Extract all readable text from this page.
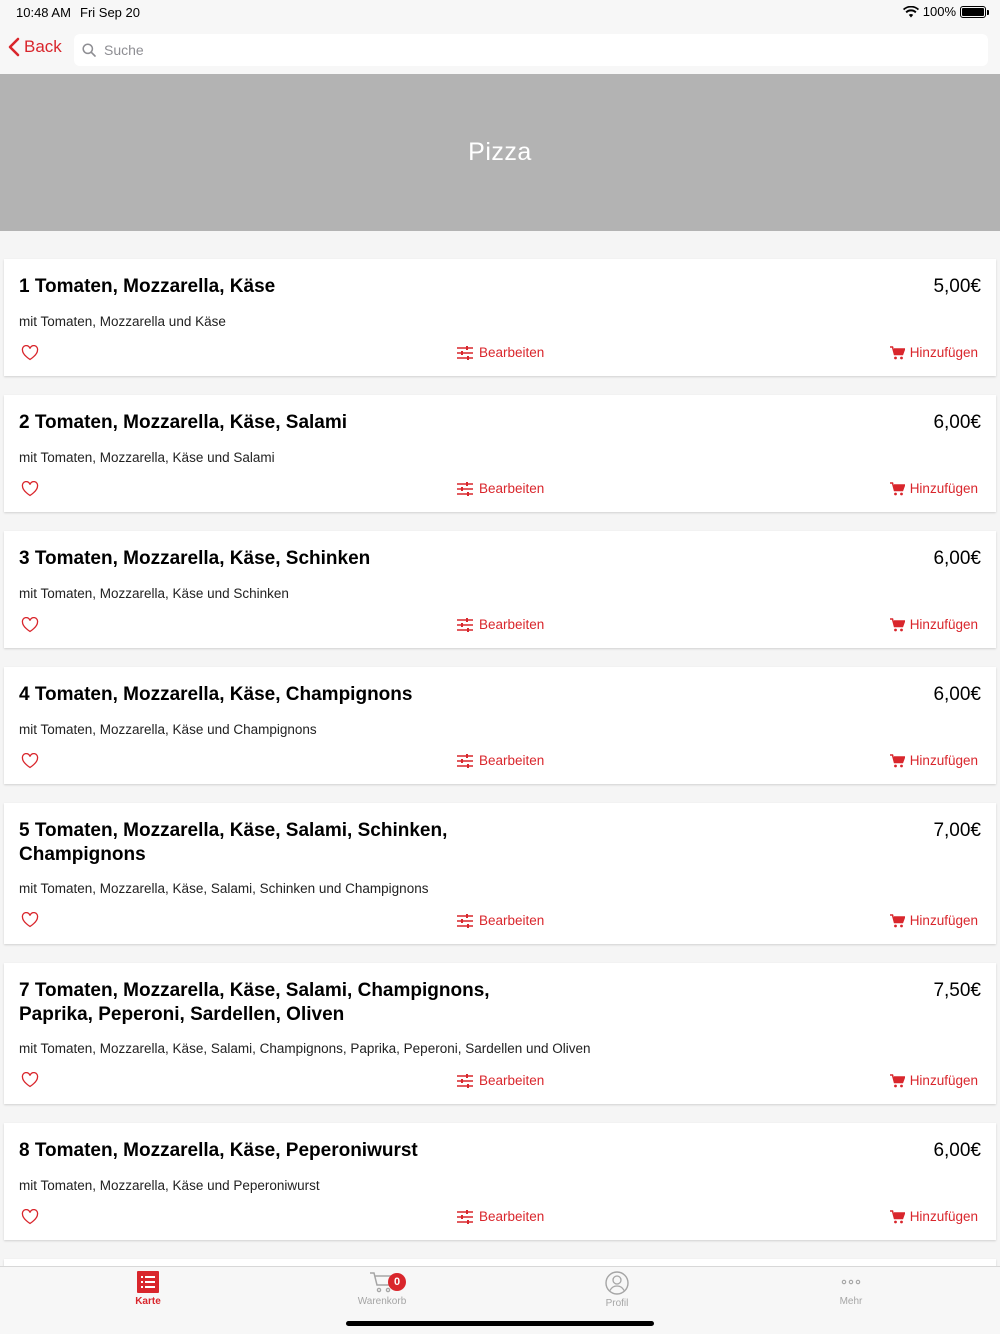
10:48 AM Fri Sep 20	100%
Back
Suche
Pizza
1 Tomaten, Mozzarella, Käse	5,00€
mit Tomaten, Mozzarella und Käse
Bearbeiten	Hinzufügen
2 Tomaten, Mozzarella, Käse, Salami	6,00€
mit Tomaten, Mozzarella, Käse und Salami
Bearbeiten	Hinzufügen
3 Tomaten, Mozzarella, Käse, Schinken	6,00€
mit Tomaten, Mozzarella, Käse und Schinken
Bearbeiten	Hinzufügen
4 Tomaten, Mozzarella, Käse, Champignons	6,00€
mit Tomaten, Mozzarella, Käse und Champignons
Bearbeiten	Hinzufügen
5 Tomaten, Mozzarella, Käse, Salami, Schinken, Champignons
7,00€
mit Tomaten, Mozzarella, Käse, Salami, Schinken und Champignons
Bearbeiten	Hinzufügen
7 Tomaten, Mozzarella, Käse, Salami, Champignons, Paprika, Peperoni, Sardellen, Oliven
7,50€
mit Tomaten, Mozzarella, Käse, Salami, Champignons, Paprika, Peperoni, Sardellen und Oliven
Bearbeiten	Hinzufügen
8 Tomaten, Mozzarella, Käse, Peperoniwurst	6,00€
mit Tomaten, Mozzarella, Käse und Peperoniwurst
Bearbeiten	Hinzufügen
Karte
0
Warenkorb	Profil	Mehr
